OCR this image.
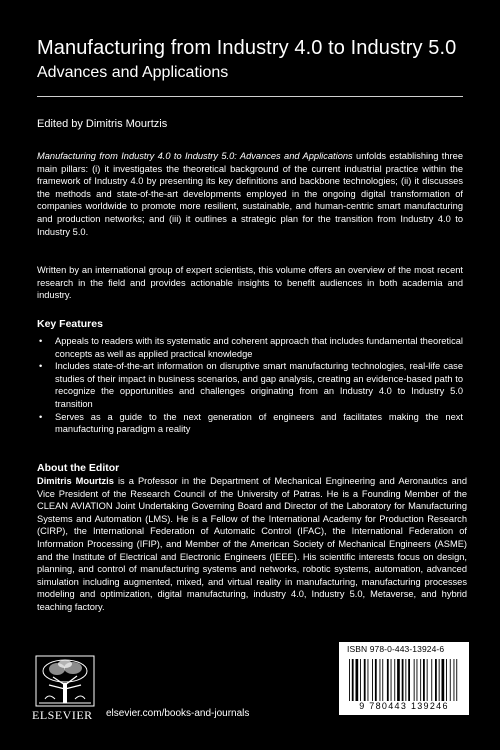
Manufacturing from Industry 4.0 to Industry 5.0
Advances and Applications
Edited by Dimitris Mourtzis
Manufacturing from Industry 4.0 to Industry 5.0: Advances and Applications unfolds establishing three main pillars: (i) it investigates the theoretical background of the current industrial practice within the framework of Industry 4.0 by presenting its key definitions and backbone technologies; (ii) it discusses the methods and state-of-the-art developments employed in the ongoing digital transformation of companies worldwide to promote more resilient, sustainable, and human-centric smart manufacturing and production networks; and (iii) it outlines a strategic plan for the transition from Industry 4.0 to Industry 5.0.
Written by an international group of expert scientists, this volume offers an overview of the most recent research in the field and provides actionable insights to benefit audiences in both academia and industry.
Key Features
• Appeals to readers with its systematic and coherent approach that includes fundamental theoretical concepts as well as applied practical knowledge
• Includes state-of-the-art information on disruptive smart manufacturing technologies, real-life case studies of their impact in business scenarios, and gap analysis, creating an evidence-based path to recognize the opportunities and challenges originating from an Industry 4.0 to Industry 5.0 transition
• Serves as a guide to the next generation of engineers and facilitates making the next manufacturing paradigm a reality
About the Editor
Dimitris Mourtzis is a Professor in the Department of Mechanical Engineering and Aeronautics and Vice President of the Research Council of the University of Patras. He is a Founding Member of the CLEAN AVIATION Joint Undertaking Governing Board and Director of the Laboratory for Manufacturing Systems and Automation (LMS). He is a Fellow of the International Academy for Production Research (CIRP), the International Federation of Automatic Control (IFAC), the International Federation of Information Processing (IFIP), and Member of the American Society of Mechanical Engineers (ASME) and the Institute of Electrical and Electronic Engineers (IEEE). His scientific interests focus on design, planning, and control of manufacturing systems and networks, robotic systems, automation, advanced simulation including augmented, mixed, and virtual reality in manufacturing, manufacturing processes modeling and optimization, digital manufacturing, industry 4.0, Industry 5.0, Metaverse, and hybrid teaching factory.
ELSEVIER elsevier.com/books-and-journals
ISBN 978-0-443-13924-6
9 780443 139246
